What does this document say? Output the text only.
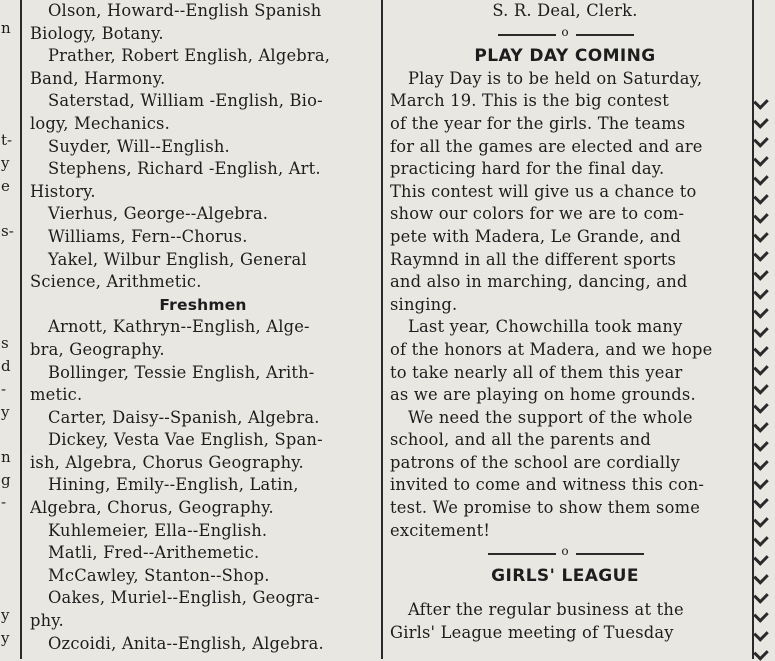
n
t-
y
e
s-
s
d
-
y
n
g
-
y
y
Olson, Howard--English Spanish
Biology, Botany.
Prather, Robert English, Algebra,
Band, Harmony.
Saterstad, William -English, Bio-
logy, Mechanics.
Suyder, Will--English.
Stephens, Richard -English, Art.
History.
Vierhus, George--Algebra.
Williams, Fern--Chorus.
Yakel, Wilbur English, General
Science, Arithmetic.
Freshmen
Arnott, Kathryn--English, Alge-
bra, Geography.
Bollinger, Tessie English, Arith-
metic.
Carter, Daisy--Spanish, Algebra.
Dickey, Vesta Vae English, Span-
ish, Algebra, Chorus Geography.
Hining, Emily--English, Latin,
Algebra, Chorus, Geography.
Kuhlemeier, Ella--English.
Matli, Fred--Arithemetic.
McCawley, Stanton--Shop.
Oakes, Muriel--English, Geogra-
phy.
Ozcoidi, Anita--English, Algebra.
S. R. Deal, Clerk.
o
PLAY DAY COMING
Play Day is to be held on Saturday,
March 19. This is the big contest
of the year for the girls. The teams
for all the games are elected and are
practicing hard for the final day.
This contest will give us a chance to
show our colors for we are to com-
pete with Madera, Le Grande, and
Raymnd in all the different sports
and also in marching, dancing, and
singing.
Last year, Chowchilla took many
of the honors at Madera, and we hope
to take nearly all of them this year
as we are playing on home grounds.
We need the support of the whole
school, and all the parents and
patrons of the school are cordially
invited to come and witness this con-
test. We promise to show them some
excitement!
o
GIRLS' LEAGUE
After the regular business at the
Girls' League meeting of Tuesday
